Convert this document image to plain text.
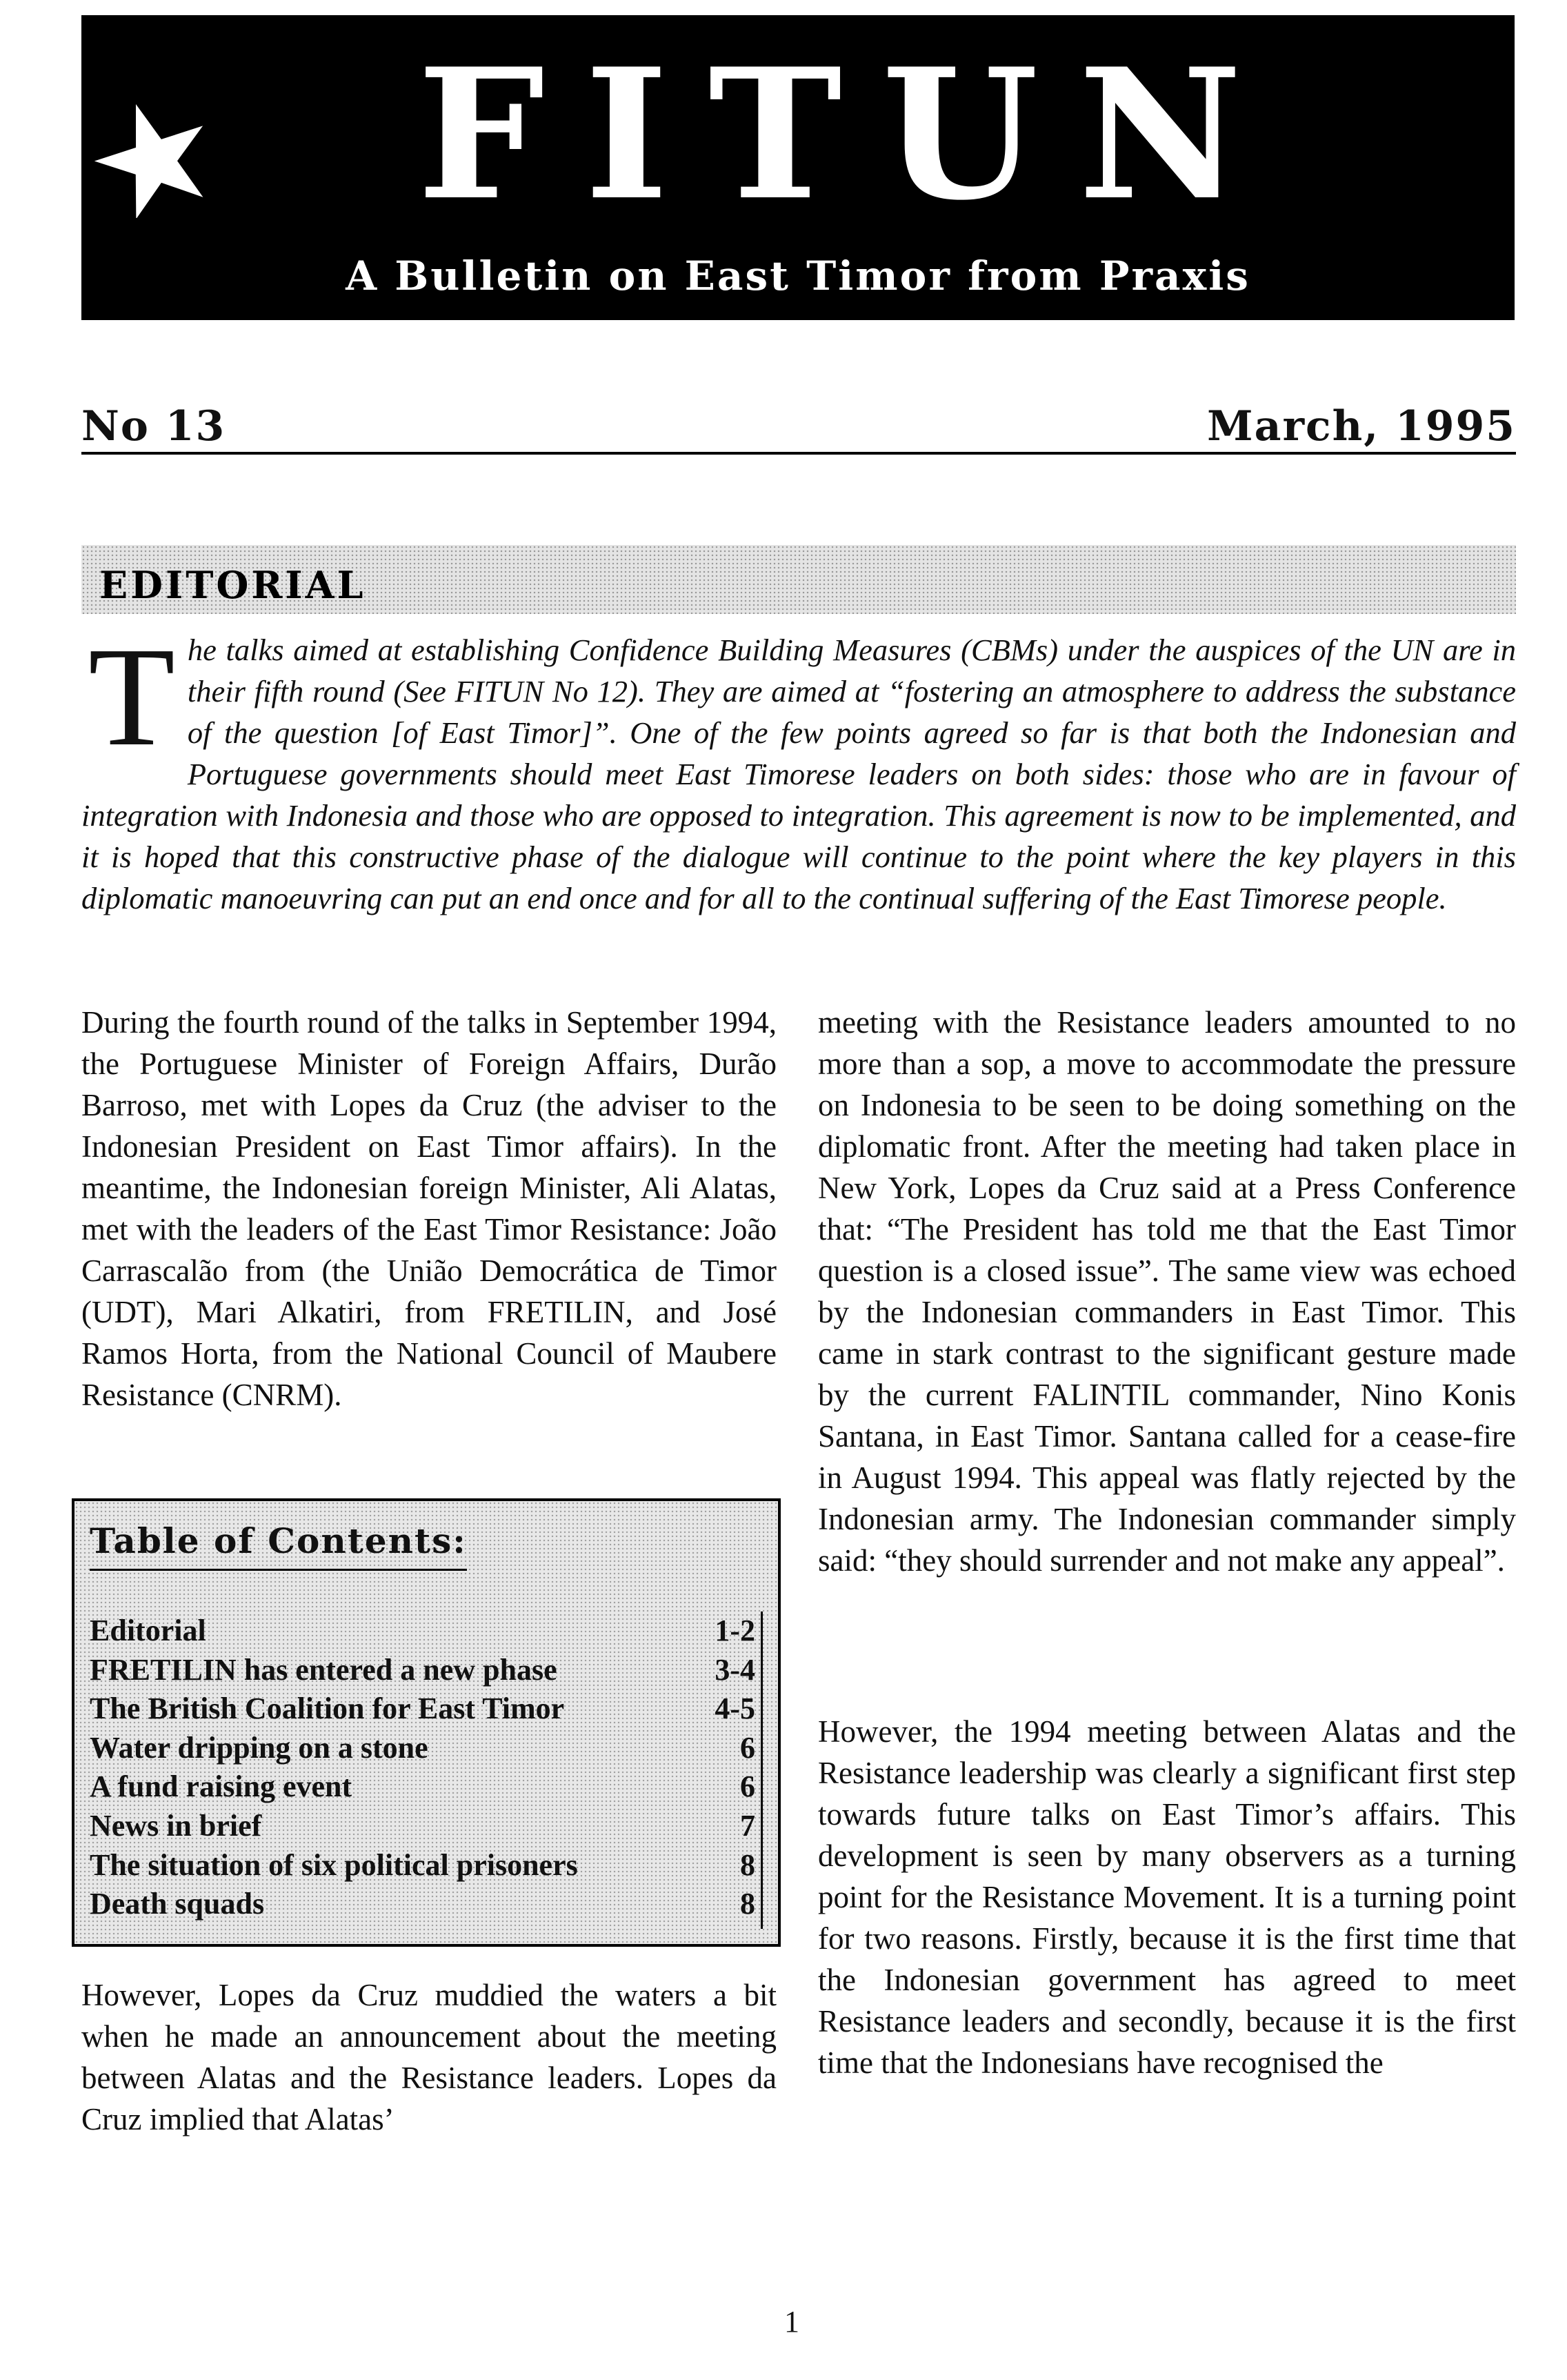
FITUN
A Bulletin on East Timor from Praxis
No 13	March, 1995
EDITORIAL

The talks aimed at establishing Confidence Building Measures (CBMs) under the auspices of the UN are in their fifth round (See FITUN No 12). They are aimed at “fostering an atmosphere to address the substance of the question [of East Timor]”. One of the few points agreed so far is that both the Indonesian and Portuguese governments should meet East Timorese leaders on both sides: those who are in favour of integration with Indonesia and those who are opposed to integration. This agreement is now to be implemented, and it is hoped that this constructive phase of the dialogue will continue to the point where the key players in this diplomatic manoeuvring can put an end once and for all to the continual suffering of the East Timorese people.

During the fourth round of the talks in September 1994, the Portuguese Minister of Foreign Affairs, Durão Barroso, met with Lopes da Cruz (the adviser to the Indonesian President on East Timor affairs). In the meantime, the Indonesian foreign Minister, Ali Alatas, met with the leaders of the East Timor Resistance: João Carrascalão from (the União Democrática de Timor (UDT), Mari Alkatiri, from FRETILIN, and José Ramos Horta, from the National Council of Maubere Resistance (CNRM).

Table of Contents:
Editorial	1-2
FRETILIN has entered a new phase	3-4
The British Coalition for East Timor	4-5
Water dripping on a stone	6
A fund raising event	6
News in brief	7
The situation of six political prisoners	8
Death squads	8

However, Lopes da Cruz muddied the waters a bit when he made an announcement about the meeting between Alatas and the Resistance leaders. Lopes da Cruz implied that Alatas’

meeting with the Resistance leaders amounted to no more than a sop, a move to accommodate the pressure on Indonesia to be seen to be doing something on the diplomatic front. After the meeting had taken place in New York, Lopes da Cruz said at a Press Conference that: “The President has told me that the East Timor question is a closed issue”. The same view was echoed by the Indonesian commanders in East Timor. This came in stark contrast to the significant gesture made by the current FALINTIL commander, Nino Konis Santana, in East Timor. Santana called for a cease-fire in August 1994. This appeal was flatly rejected by the Indonesian army. The Indonesian commander simply said: “they should surrender and not make any appeal”.

However, the 1994 meeting between Alatas and the Resistance leadership was clearly a significant first step towards future talks on East Timor’s affairs. This development is seen by many observers as a turning point for the Resistance Movement. It is a turning point for two reasons. Firstly, because it is the first time that the Indonesian government has agreed to meet Resistance leaders and secondly, because it is the first time that the Indonesians have recognised the

1
